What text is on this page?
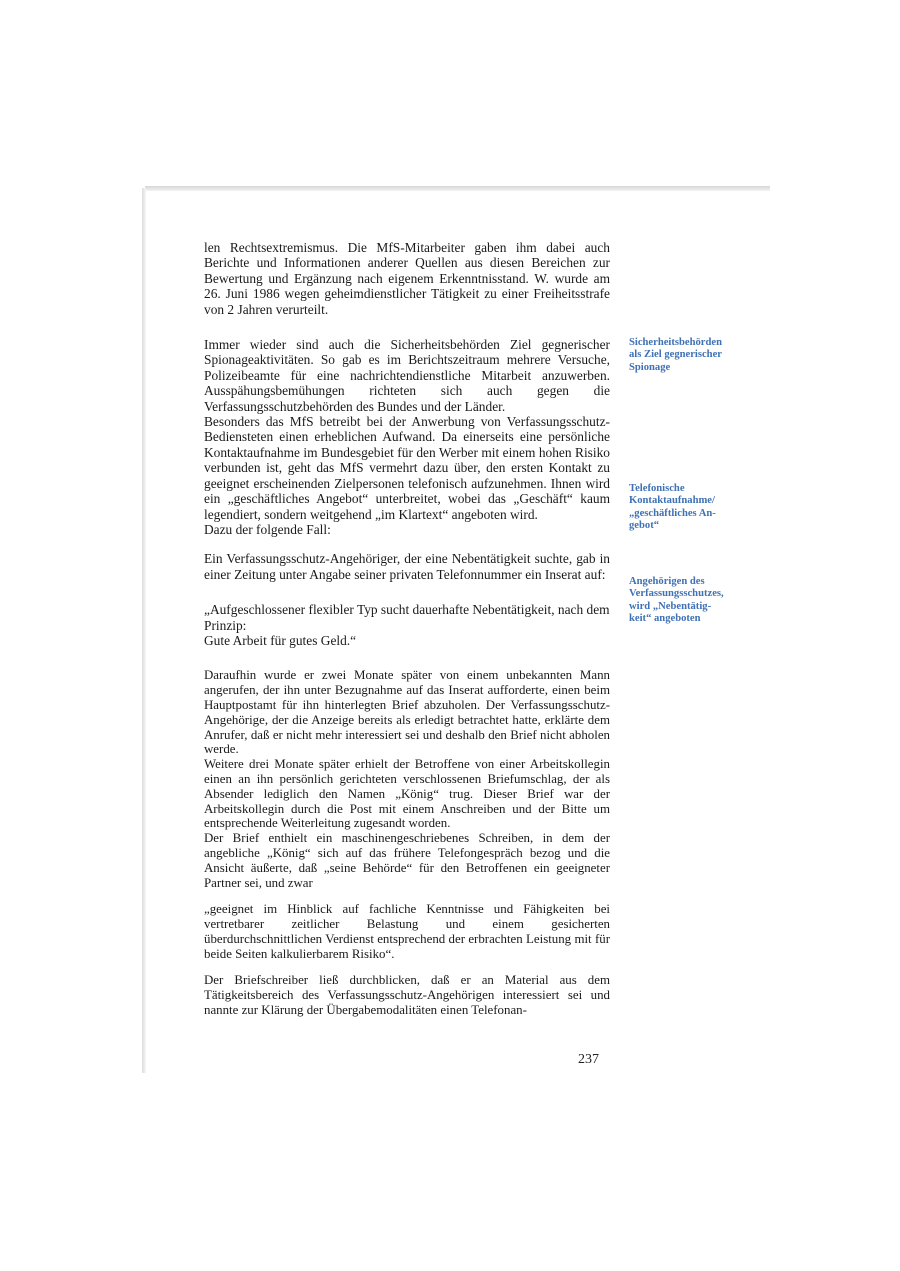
len Rechtsextremismus. Die MfS-Mitarbeiter gaben ihm dabei auch Berichte und Informationen anderer Quellen aus diesen Bereichen zur Bewertung und Ergänzung nach eigenem Erkenntnisstand. W. wurde am 26. Juni 1986 wegen geheimdienstlicher Tätigkeit zu einer Freiheitsstrafe von 2 Jahren verurteilt.

Immer wieder sind auch die Sicherheitsbehörden Ziel gegnerischer Spionageaktivitäten. So gab es im Berichtszeitraum mehrere Versuche, Polizeibeamte für eine nachrichtendienstliche Mitarbeit anzuwerben. Ausspähungsbemühungen richteten sich auch gegen die Verfassungsschutzbehörden des Bundes und der Länder.

Besonders das MfS betreibt bei der Anwerbung von Verfassungsschutz-Bediensteten einen erheblichen Aufwand. Da einerseits eine persönliche Kontaktaufnahme im Bundesgebiet für den Werber mit einem hohen Risiko verbunden ist, geht das MfS vermehrt dazu über, den ersten Kontakt zu geeignet erscheinenden Zielpersonen telefonisch aufzunehmen. Ihnen wird ein „geschäftliches Angebot“ unterbreitet, wobei das „Geschäft“ kaum legendiert, sondern weitgehend „im Klartext“ angeboten wird.

Dazu der folgende Fall:

Ein Verfassungsschutz-Angehöriger, der eine Nebentätigkeit suchte, gab in einer Zeitung unter Angabe seiner privaten Telefonnummer ein Inserat auf:

„Aufgeschlossener flexibler Typ sucht dauerhafte Nebentätigkeit, nach dem Prinzip:

Gute Arbeit für gutes Geld.“

Daraufhin wurde er zwei Monate später von einem unbekannten Mann angerufen, der ihn unter Bezugnahme auf das Inserat aufforderte, einen beim Hauptpostamt für ihn hinterlegten Brief abzuholen. Der Verfassungsschutz-Angehörige, der die Anzeige bereits als erledigt betrachtet hatte, erklärte dem Anrufer, daß er nicht mehr interessiert sei und deshalb den Brief nicht abholen werde.

Weitere drei Monate später erhielt der Betroffene von einer Arbeitskollegin einen an ihn persönlich gerichteten verschlossenen Briefumschlag, der als Absender lediglich den Namen „König“ trug. Dieser Brief war der Arbeitskollegin durch die Post mit einem Anschreiben und der Bitte um entsprechende Weiterleitung zugesandt worden.

Der Brief enthielt ein maschinengeschriebenes Schreiben, in dem der angebliche „König“ sich auf das frühere Telefongespräch bezog und die Ansicht äußerte, daß „seine Behörde“ für den Betroffenen ein geeigneter Partner sei, und zwar

„geeignet im Hinblick auf fachliche Kenntnisse und Fähigkeiten bei vertretbarer zeitlicher Belastung und einem gesicherten überdurchschnittlichen Verdienst entsprechend der erbrachten Leistung mit für beide Seiten kalkulierbarem Risiko“.

Der Briefschreiber ließ durchblicken, daß er an Material aus dem Tätigkeitsbereich des Verfassungsschutz-Angehörigen interessiert sei und nannte zur Klärung der Übergabemodalitäten einen Telefonan-

Sicherheitsbehörden
als Ziel gegnerischer
Spionage
Telefonische
Kontaktaufnahme/
„geschäftliches An-
gebot“
Angehörigen des
Verfassungsschutzes,
wird „Nebentätig-
keit“ angeboten
237
